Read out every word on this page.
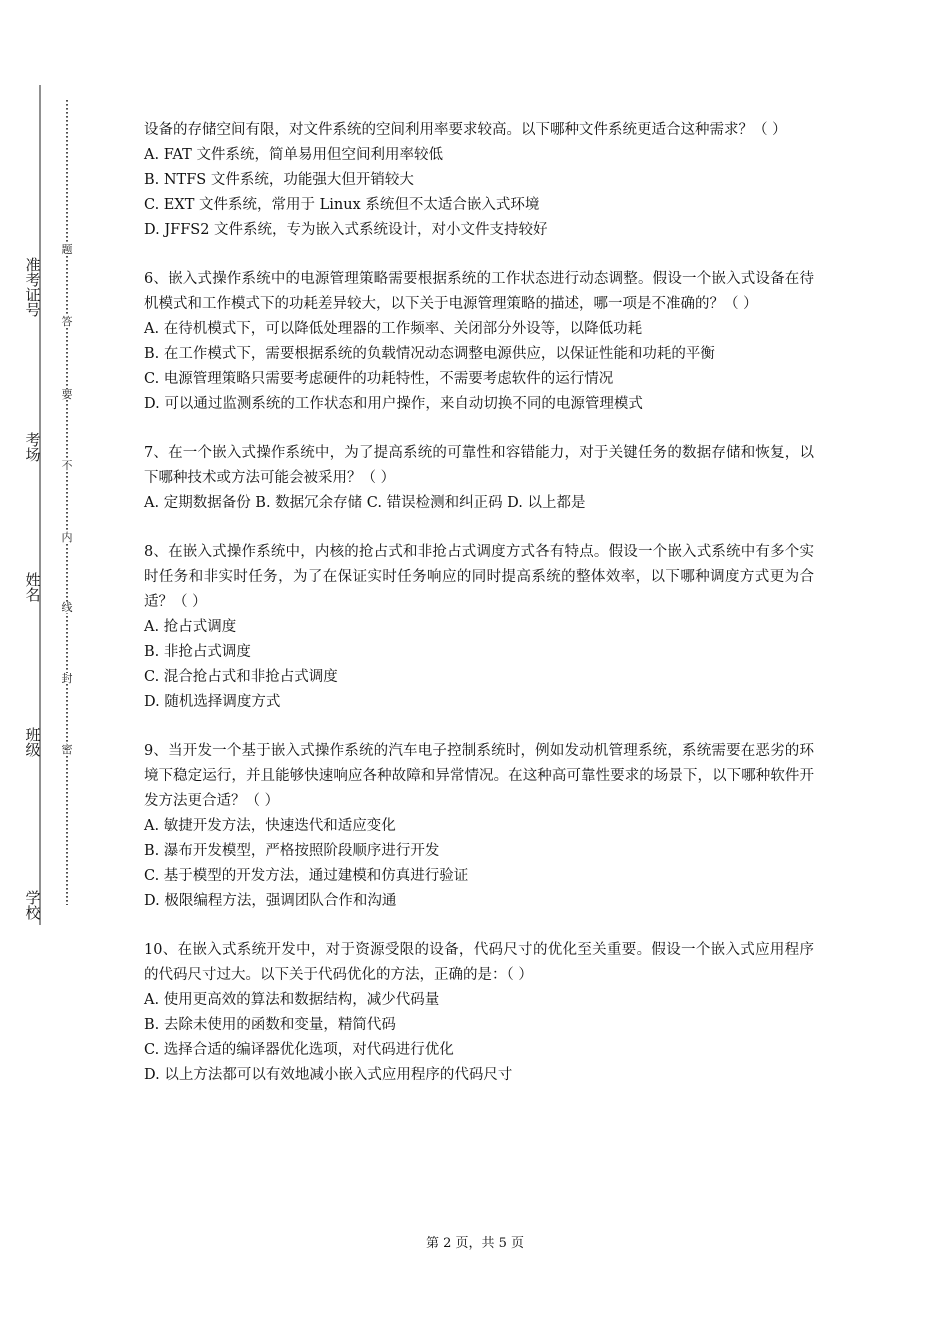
准考证号
考场
姓名
班级
学校
题
答
要
不
内
线
封
密

设备的存储空间有限，对文件系统的空间利用率要求较高。以下哪种文件系统更适合这种需求？（ ）

A. FAT 文件系统，简单易用但空间利用率较低

B. NTFS 文件系统，功能强大但开销较大

C. EXT 文件系统，常用于 Linux 系统但不太适合嵌入式环境

D. JFFS2 文件系统，专为嵌入式系统设计，对小文件支持较好

6、嵌入式操作系统中的电源管理策略需要根据系统的工作状态进行动态调整。假设一个嵌入式设备在待机模式和工作模式下的功耗差异较大，以下关于电源管理策略的描述，哪一项是不准确的？（ ）

A. 在待机模式下，可以降低处理器的工作频率、关闭部分外设等，以降低功耗

B. 在工作模式下，需要根据系统的负载情况动态调整电源供应，以保证性能和功耗的平衡

C. 电源管理策略只需要考虑硬件的功耗特性，不需要考虑软件的运行情况

D. 可以通过监测系统的工作状态和用户操作，来自动切换不同的电源管理模式

7、在一个嵌入式操作系统中，为了提高系统的可靠性和容错能力，对于关键任务的数据存储和恢复，以下哪种技术或方法可能会被采用？（ ）

A. 定期数据备份 B. 数据冗余存储 C. 错误检测和纠正码 D. 以上都是

8、在嵌入式操作系统中，内核的抢占式和非抢占式调度方式各有特点。假设一个嵌入式系统中有多个实时任务和非实时任务，为了在保证实时任务响应的同时提高系统的整体效率，以下哪种调度方式更为合适？（ ）

A. 抢占式调度

B. 非抢占式调度

C. 混合抢占式和非抢占式调度

D. 随机选择调度方式

9、当开发一个基于嵌入式操作系统的汽车电子控制系统时，例如发动机管理系统，系统需要在恶劣的环境下稳定运行，并且能够快速响应各种故障和异常情况。在这种高可靠性要求的场景下，以下哪种软件开发方法更合适？（ ）

A. 敏捷开发方法，快速迭代和适应变化

B. 瀑布开发模型，严格按照阶段顺序进行开发

C. 基于模型的开发方法，通过建模和仿真进行验证

D. 极限编程方法，强调团队合作和沟通

10、在嵌入式系统开发中，对于资源受限的设备，代码尺寸的优化至关重要。假设一个嵌入式应用程序的代码尺寸过大。以下关于代码优化的方法，正确的是：（ ）

A. 使用更高效的算法和数据结构，减少代码量

B. 去除未使用的函数和变量，精简代码

C. 选择合适的编译器优化选项，对代码进行优化

D. 以上方法都可以有效地减小嵌入式应用程序的代码尺寸

第 2 页，共 5 页
